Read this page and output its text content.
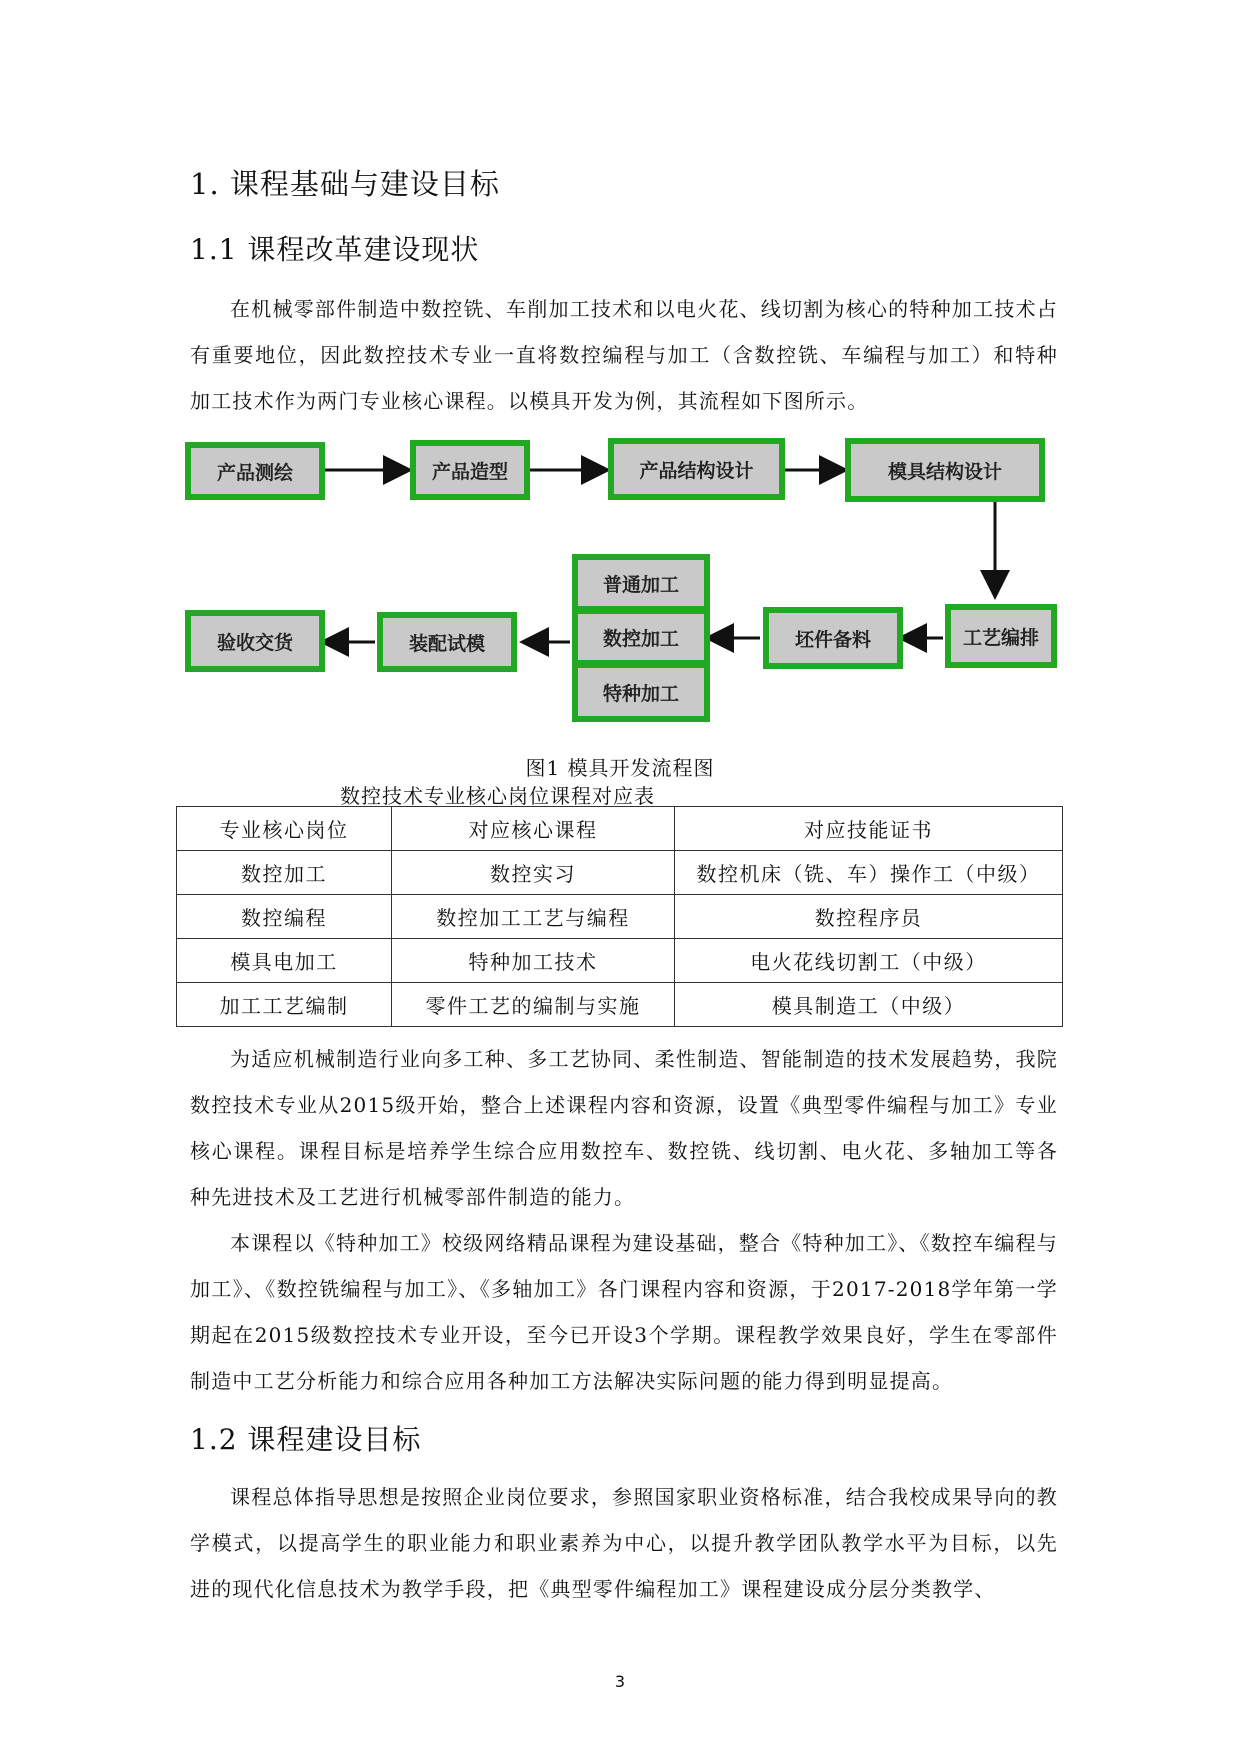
1. 课程基础与建设目标
1.1 课程改革建设现状

在机械零部件制造中数控铣、车削加工技术和以电火花、线切割为核心的特种加工技术占有重要地位，因此数控技术专业一直将数控编程与加工（含数控铣、车编程与加工）和特种加工技术作为两门专业核心课程。以模具开发为例，其流程如下图所示。

产品测绘	产品造型	产品结构设计	模具结构设计
工艺编排
坯件备料
普通加工
数控加工
特种加工
装配试模
验收交货
图1 模具开发流程图
数控技术专业核心岗位课程对应表
专业核心岗位	对应核心课程	对应技能证书
数控加工	数控实习	数控机床（铣、车）操作工（中级）
数控编程	数控加工工艺与编程	数控程序员
模具电加工	特种加工技术	电火花线切割工（中级）
加工工艺编制	零件工艺的编制与实施	模具制造工（中级）

为适应机械制造行业向多工种、多工艺协同、柔性制造、智能制造的技术发展趋势，我院数控技术专业从2015级开始，整合上述课程内容和资源，设置《典型零件编程与加工》专业核心课程。课程目标是培养学生综合应用数控车、数控铣、线切割、电火花、多轴加工等各种先进技术及工艺进行机械零部件制造的能力。

本课程以《特种加工》校级网络精品课程为建设基础，整合《特种加工》、《数控车编程与加工》、《数控铣编程与加工》、《多轴加工》各门课程内容和资源，于2017-2018学年第一学期起在2015级数控技术专业开设，至今已开设3个学期。课程教学效果良好，学生在零部件制造中工艺分析能力和综合应用各种加工方法解决实际问题的能力得到明显提高。

1.2 课程建设目标

课程总体指导思想是按照企业岗位要求，参照国家职业资格标准，结合我校成果导向的教学模式，以提高学生的职业能力和职业素养为中心，以提升教学团队教学水平为目标，以先进的现代化信息技术为教学手段，把《典型零件编程加工》课程建设成分层分类教学、

3
